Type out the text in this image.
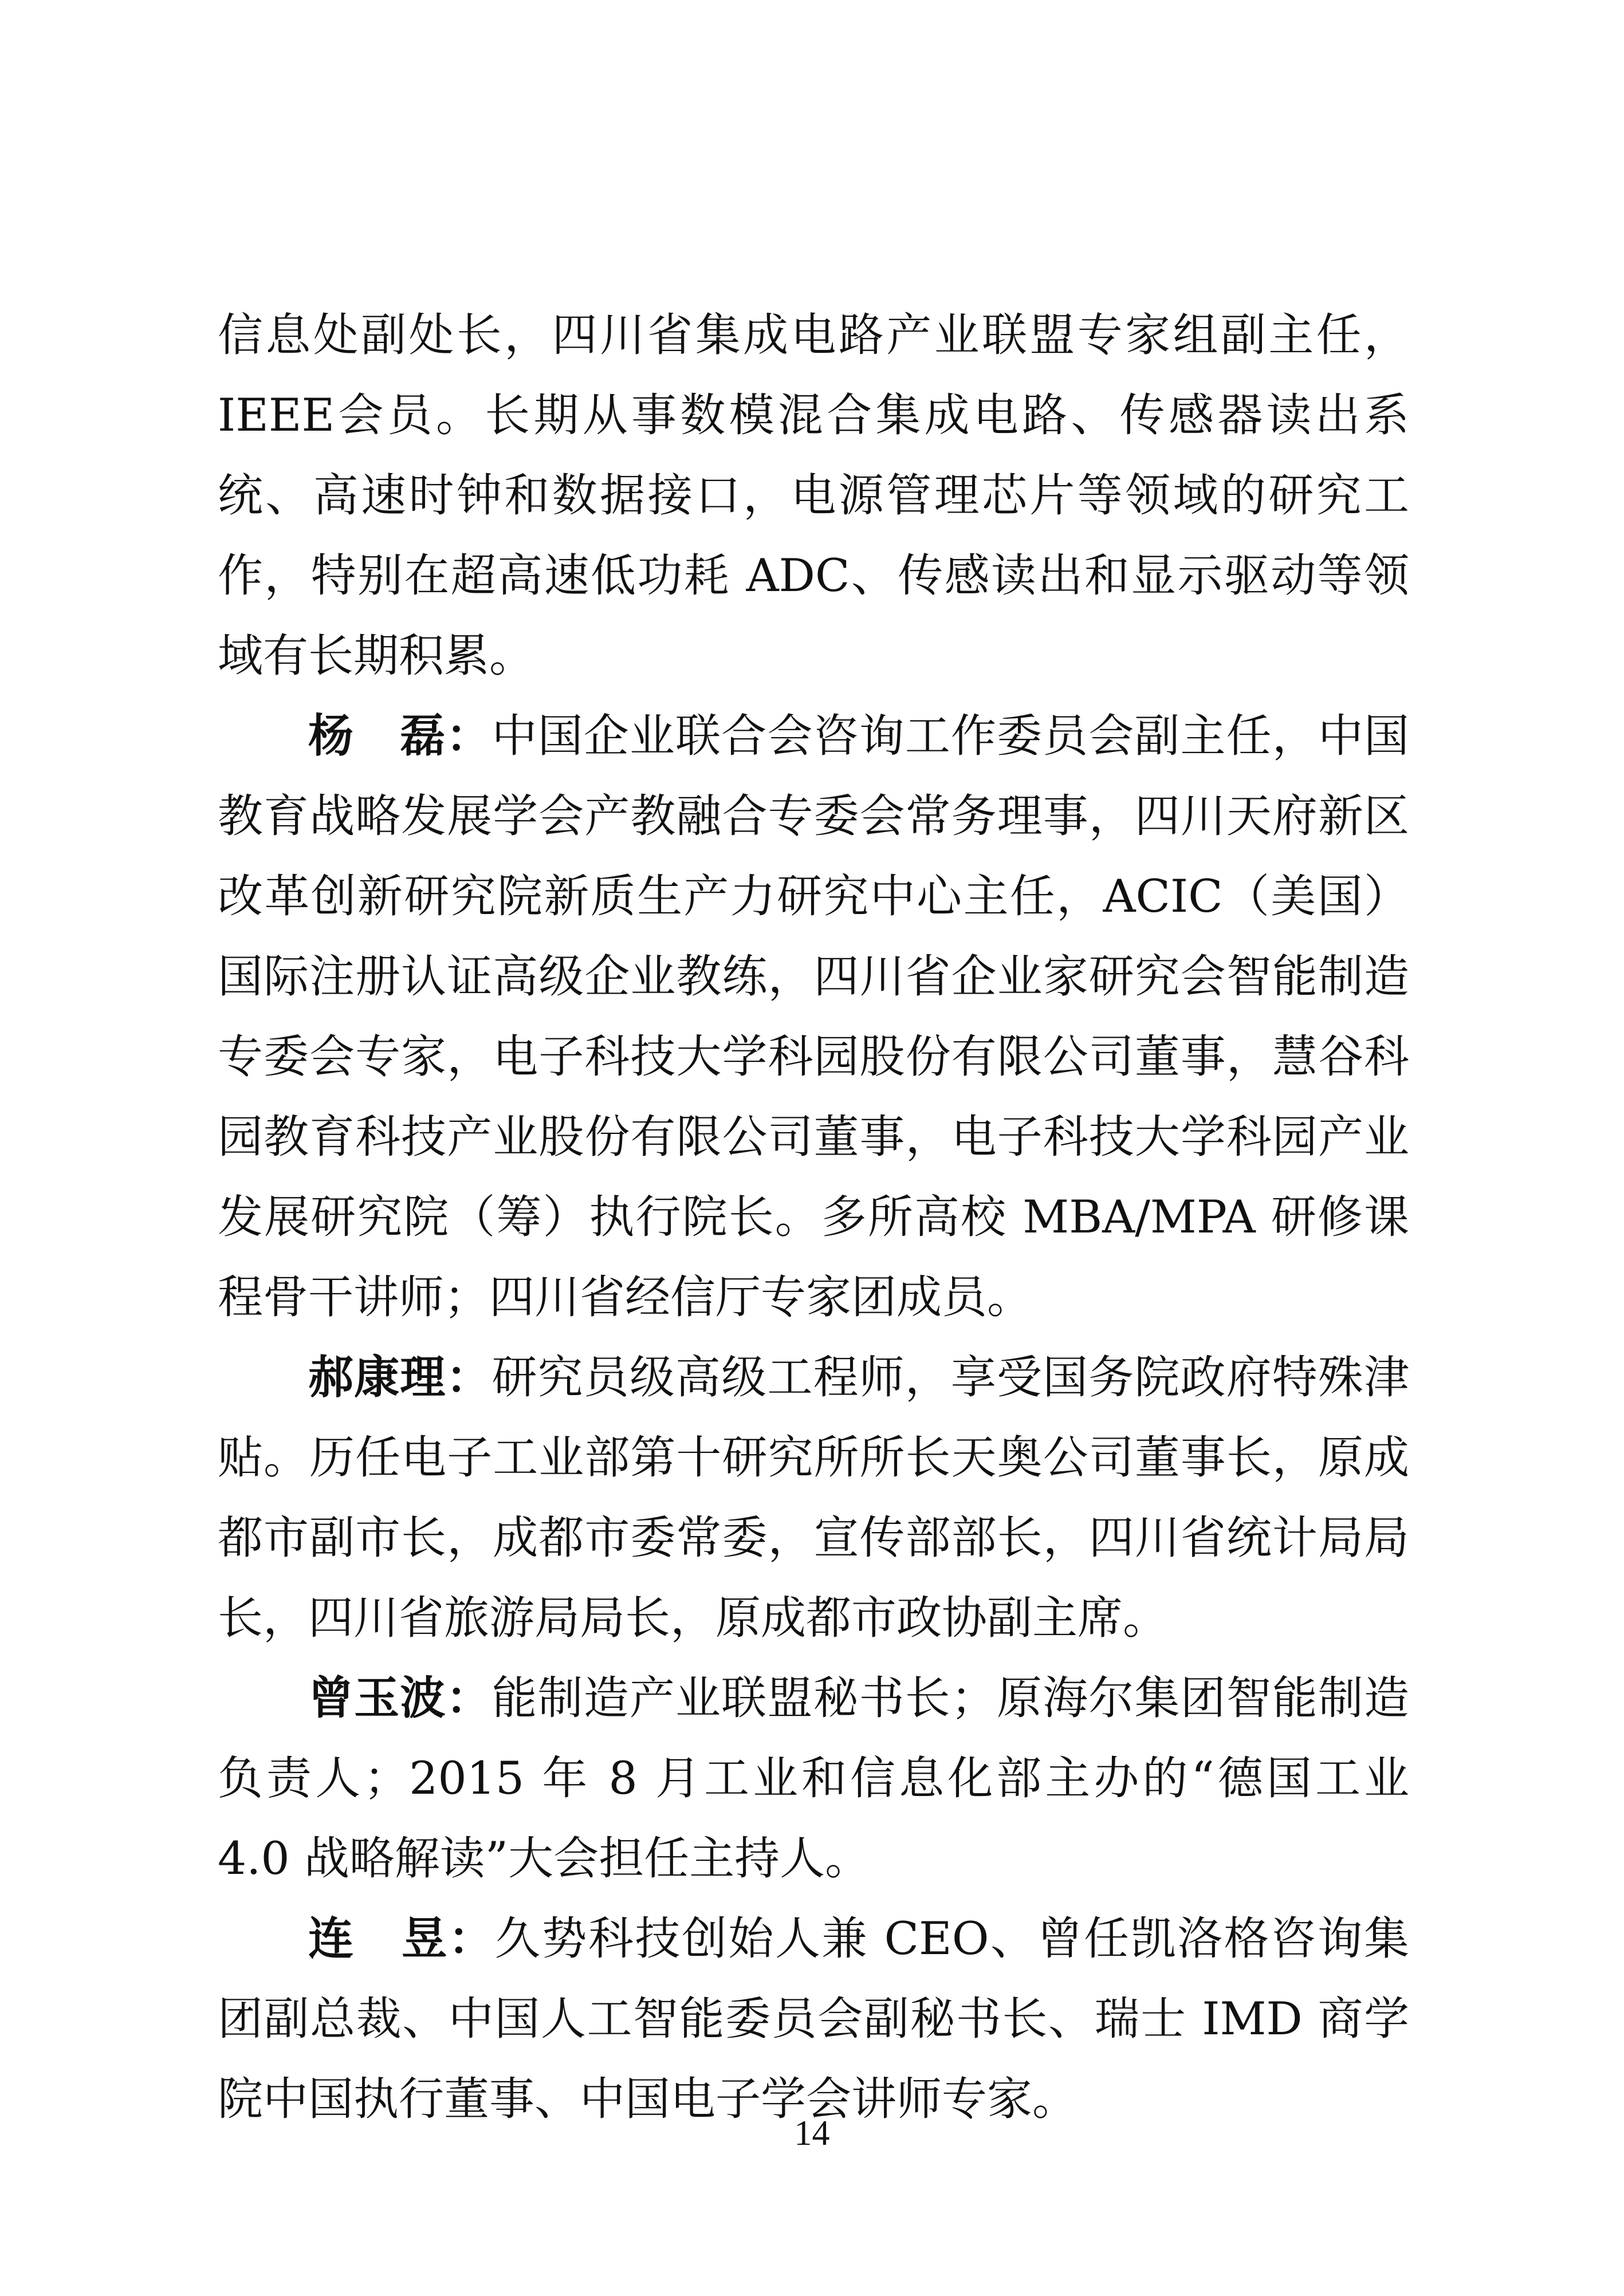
信息处副处长，四川省集成电路产业联盟专家组副主任，IEEE会员。长期从事数模混合集成电路、传感器读出系统、高速时钟和数据接口，电源管理芯片等领域的研究工作，特别在超高速低功耗 ADC、传感读出和显示驱动等领域有长期积累。

杨　磊：中国企业联合会咨询工作委员会副主任，中国教育战略发展学会产教融合专委会常务理事，四川天府新区改革创新研究院新质生产力研究中心主任，ACIC（美国）国际注册认证高级企业教练，四川省企业家研究会智能制造专委会专家，电子科技大学科园股份有限公司董事，慧谷科园教育科技产业股份有限公司董事，电子科技大学科园产业发展研究院（筹）执行院长。多所高校 MBA/MPA 研修课程骨干讲师；四川省经信厅专家团成员。

郝康理：研究员级高级工程师，享受国务院政府特殊津贴。历任电子工业部第十研究所所长天奥公司董事长，原成都市副市长，成都市委常委，宣传部部长，四川省统计局局长，四川省旅游局局长，原成都市政协副主席。

曾玉波：能制造产业联盟秘书长；原海尔集团智能制造负责人；2015 年 8 月工业和信息化部主办的“德国工业 4.0 战略解读”大会担任主持人。

连　昱：久势科技创始人兼 CEO、曾任凯洛格咨询集团副总裁、中国人工智能委员会副秘书长、瑞士 IMD 商学院中国执行董事、中国电子学会讲师专家。

14
